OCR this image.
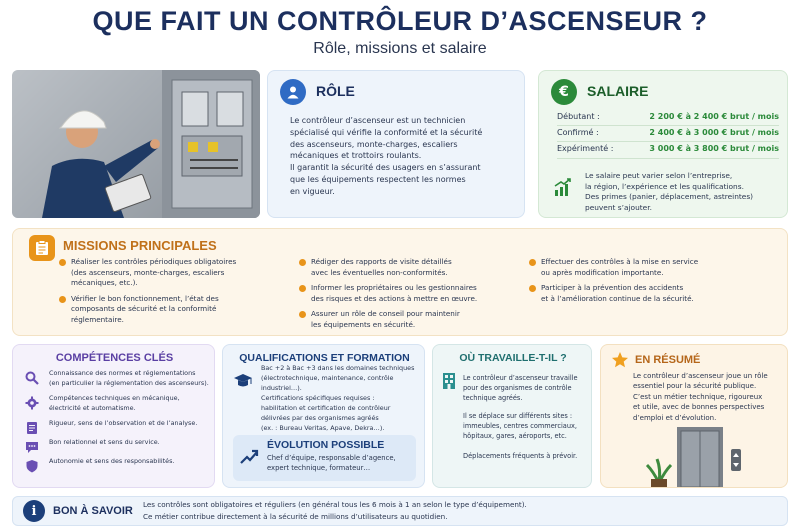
QUE FAIT UN CONTRÔLEUR D’ASCENSEUR ?
Rôle, missions et salaire
RÔLE
Le contrôleur d’ascenseur est un technicien
spécialisé qui vérifie la conformité et la sécurité
des ascenseurs, monte-charges, escaliers
mécaniques et trottoirs roulants.
Il garantit la sécurité des usagers en s’assurant
que les équipements respectent les normes
en vigueur.
€	SALAIRE
Débutant :	2 200 € à 2 400 € brut / mois
Confirmé :	2 400 € à 3 000 € brut / mois
Expérimenté :	3 000 € à 3 800 € brut / mois
Le salaire peut varier selon l’entreprise,
la région, l’expérience et les qualifications.
Des primes (panier, déplacement, astreintes)
peuvent s’ajouter.
MISSIONS PRINCIPALES
Réaliser les contrôles périodiques obligatoires
(des ascenseurs, monte-charges, escaliers
mécaniques, etc.).
Vérifier le bon fonctionnement, l’état des
composants de sécurité et la conformité
réglementaire.
Rédiger des rapports de visite détaillés
avec les éventuelles non-conformités.
Informer les propriétaires ou les gestionnaires
des risques et des actions à mettre en œuvre.
Assurer un rôle de conseil pour maintenir
les équipements en sécurité.
Effectuer des contrôles à la mise en service
ou après modification importante.
Participer à la prévention des accidents
et à l’amélioration continue de la sécurité.
COMPÉTENCES CLÉS
Connaissance des normes et réglementations
(en particulier la réglementation des ascenseurs).
Compétences techniques en mécanique,
électricité et automatisme.
Rigueur, sens de l’observation et de l’analyse.
Bon relationnel et sens du service.
Autonomie et sens des responsabilités.
QUALIFICATIONS ET FORMATION
Bac +2 à Bac +3 dans les domaines techniques
(électrotechnique, maintenance, contrôle industriel…).
Certifications spécifiques requises :
habilitation et certification de contrôleur
délivrées par des organismes agréés
(ex. : Bureau Veritas, Apave, Dekra…).
ÉVOLUTION POSSIBLE
Chef d’équipe, responsable d’agence,
expert technique, formateur…
OÙ TRAVAILLE-T-IL ?
Le contrôleur d’ascenseur travaille
pour des organismes de contrôle
technique agréés.
Il se déplace sur différents sites :
immeubles, centres commerciaux,
hôpitaux, gares, aéroports, etc.
Déplacements fréquents à prévoir.
EN RÉSUMÉ
Le contrôleur d’ascenseur joue un rôle
essentiel pour la sécurité publique.
C’est un métier technique, rigoureux
et utile, avec de bonnes perspectives
d’emploi et d’évolution.
i	BON À SAVOIR
Les contrôles sont obligatoires et réguliers (en général tous les 6 mois à 1 an selon le type d’équipement).
Ce métier contribue directement à la sécurité de millions d’utilisateurs au quotidien.
